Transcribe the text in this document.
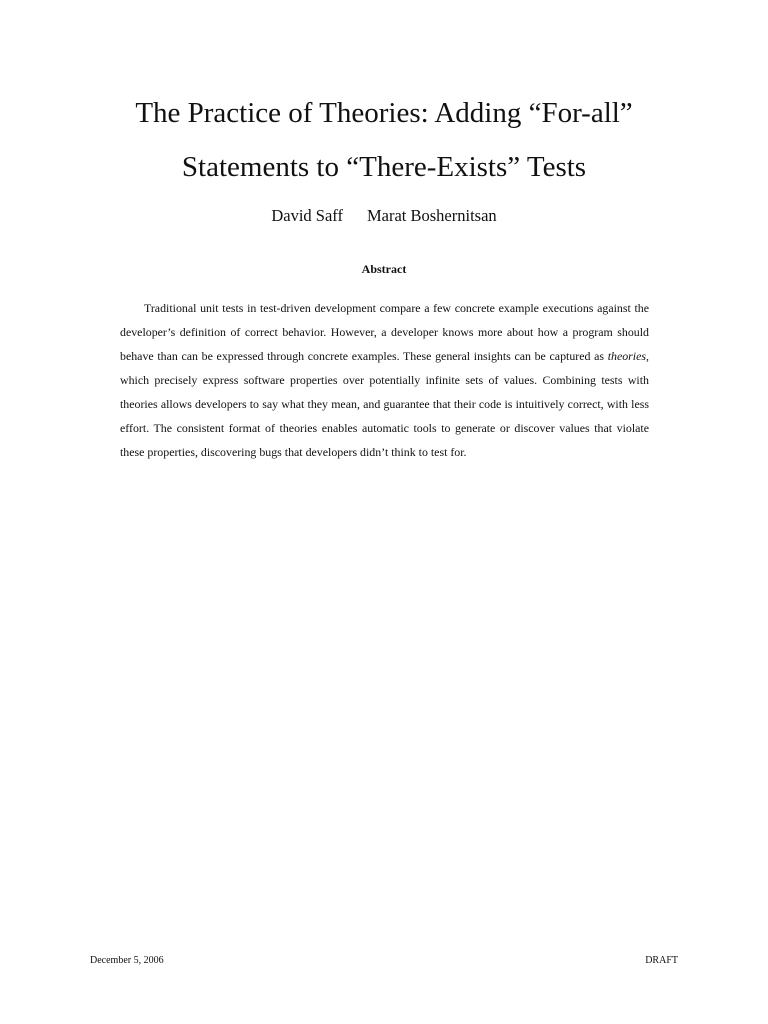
The Practice of Theories: Adding “For-all”
Statements to “There-Exists” Tests
David Saff Marat Boshernitsan
Abstract

Traditional unit tests in test-driven development compare a few concrete example executions against the developer’s definition of correct behavior. However, a developer knows more about how a program should behave than can be expressed through concrete examples. These general insights can be captured as theories, which precisely express software properties over potentially infinite sets of values. Combining tests with theories allows developers to say what they mean, and guarantee that their code is intuitively correct, with less effort. The consistent format of theories enables automatic tools to generate or discover values that violate these properties, discovering bugs that developers didn’t think to test for.

December 5, 2006	DRAFT
